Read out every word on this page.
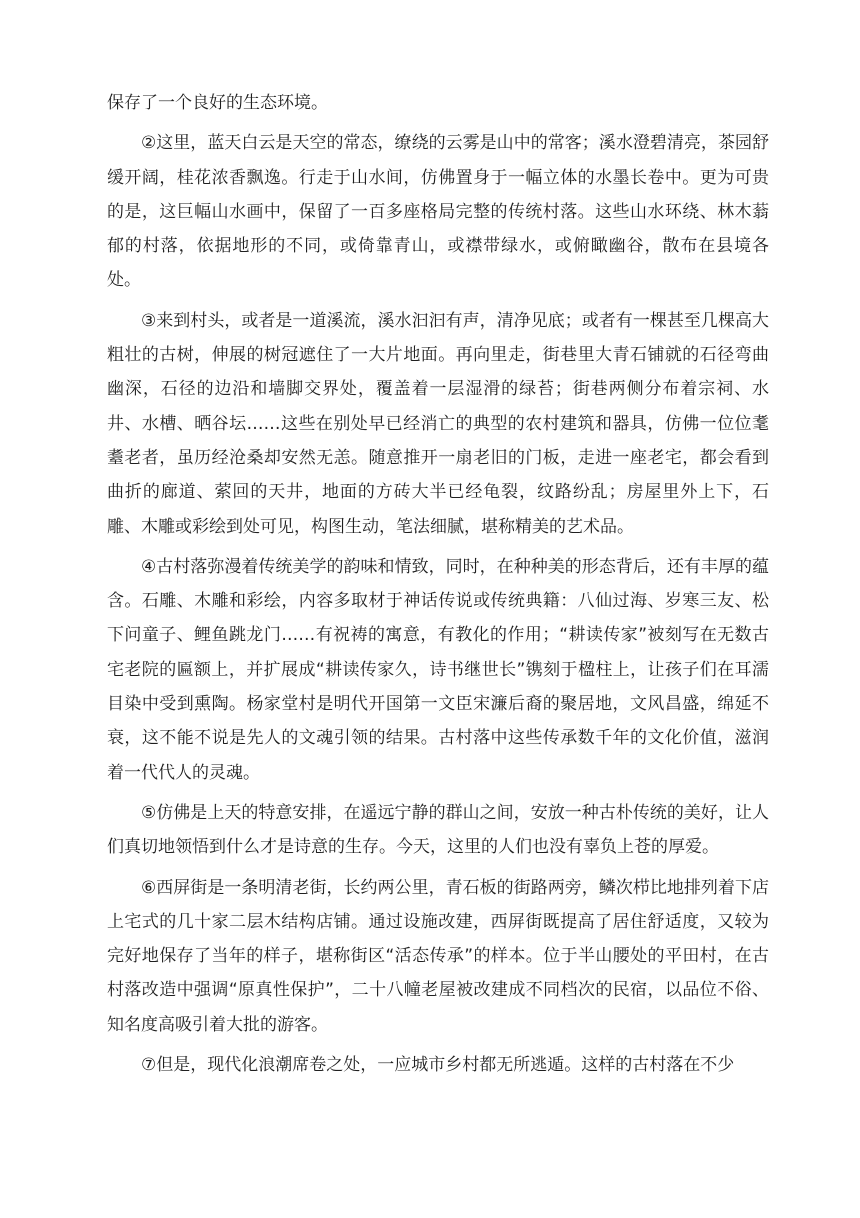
保存了一个良好的生态环境。

②这里，蓝天白云是天空的常态，缭绕的云雾是山中的常客；溪水澄碧清亮，茶园舒缓开阔，桂花浓香飘逸。行走于山水间，仿佛置身于一幅立体的水墨长卷中。更为可贵的是，这巨幅山水画中，保留了一百多座格局完整的传统村落。这些山水环绕、林木蓊郁的村落，依据地形的不同，或倚靠青山，或襟带绿水，或俯瞰幽谷，散布在县境各处。

③来到村头，或者是一道溪流，溪水汩汩有声，清净见底；或者有一棵甚至几棵高大粗壮的古树，伸展的树冠遮住了一大片地面。再向里走，街巷里大青石铺就的石径弯曲幽深，石径的边沿和墙脚交界处，覆盖着一层湿滑的绿苔；街巷两侧分布着宗祠、水井、水槽、晒谷坛……这些在别处早已经消亡的典型的农村建筑和器具，仿佛一位位耄耋老者，虽历经沧桑却安然无恙。随意推开一扇老旧的门板，走进一座老宅，都会看到曲折的廊道、萦回的天井，地面的方砖大半已经龟裂，纹路纷乱；房屋里外上下，石雕、木雕或彩绘到处可见，构图生动，笔法细腻，堪称精美的艺术品。

④古村落弥漫着传统美学的韵味和情致，同时，在种种美的形态背后，还有丰厚的蕴含。石雕、木雕和彩绘，内容多取材于神话传说或传统典籍：八仙过海、岁寒三友、松下问童子、鲤鱼跳龙门……有祝祷的寓意，有教化的作用；“耕读传家”被刻写在无数古宅老院的匾额上，并扩展成“耕读传家久，诗书继世长”镌刻于楹柱上，让孩子们在耳濡目染中受到熏陶。杨家堂村是明代开国第一文臣宋濂后裔的聚居地，文风昌盛，绵延不衰，这不能不说是先人的文魂引领的结果。古村落中这些传承数千年的文化价值，滋润着一代代人的灵魂。

⑤仿佛是上天的特意安排，在遥远宁静的群山之间，安放一种古朴传统的美好，让人们真切地领悟到什么才是诗意的生存。今天，这里的人们也没有辜负上苍的厚爱。

⑥西屏街是一条明清老街，长约两公里，青石板的街路两旁，鳞次栉比地排列着下店上宅式的几十家二层木结构店铺。通过设施改建，西屏街既提高了居住舒适度，又较为完好地保存了当年的样子，堪称街区“活态传承”的样本。位于半山腰处的平田村，在古村落改造中强调“原真性保护”，二十八幢老屋被改建成不同档次的民宿，以品位不俗、知名度高吸引着大批的游客。

⑦但是，现代化浪潮席卷之处，一应城市乡村都无所逃遁。这样的古村落在不少
